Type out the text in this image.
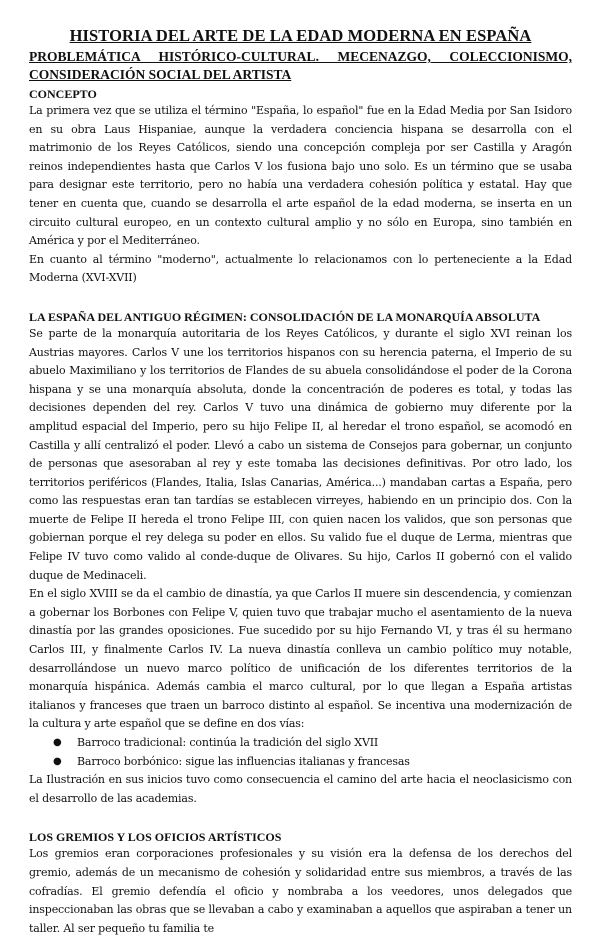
HISTORIA DEL ARTE DE LA EDAD MODERNA EN ESPAÑA
PROBLEMÁTICA HISTÓRICO-CULTURAL. MECENAZGO, COLECCIONISMO, CONSIDERACIÓN SOCIAL DEL ARTISTA
CONCEPTO

La primera vez que se utiliza el término "España, lo español" fue en la Edad Media por San Isidoro en su obra Laus Hispaniae, aunque la verdadera conciencia hispana se desarrolla con el matrimonio de los Reyes Católicos, siendo una concepción compleja por ser Castilla y Aragón reinos independientes hasta que Carlos V los fusiona bajo uno solo. Es un término que se usaba para designar este territorio, pero no había una verdadera cohesión política y estatal. Hay que tener en cuenta que, cuando se desarrolla el arte español de la edad moderna, se inserta en un circuito cultural europeo, en un contexto cultural amplio y no sólo en Europa, sino también en América y por el Mediterráneo.

En cuanto al término "moderno", actualmente lo relacionamos con lo perteneciente a la Edad Moderna (XVI-XVII)

LA ESPAÑA DEL ANTIGUO RÉGIMEN: CONSOLIDACIÓN DE LA MONARQUÍA ABSOLUTA

Se parte de la monarquía autoritaria de los Reyes Católicos, y durante el siglo XVI reinan los Austrias mayores. Carlos V une los territorios hispanos con su herencia paterna, el Imperio de su abuelo Maximiliano y los territorios de Flandes de su abuela consolidándose el poder de la Corona hispana y se una monarquía absoluta, donde la concentración de poderes es total, y todas las decisiones dependen del rey. Carlos V tuvo una dinámica de gobierno muy diferente por la amplitud espacial del Imperio, pero su hijo Felipe II, al heredar el trono español, se acomodó en Castilla y allí centralizó el poder. Llevó a cabo un sistema de Consejos para gobernar, un conjunto de personas que asesoraban al rey y este tomaba las decisiones definitivas. Por otro lado, los territorios periféricos (Flandes, Italia, Islas Canarias, América...) mandaban cartas a España, pero como las respuestas eran tan tardías se establecen virreyes, habiendo en un principio dos. Con la muerte de Felipe II hereda el trono Felipe III, con quien nacen los validos, que son personas que gobiernan porque el rey delega su poder en ellos. Su valido fue el duque de Lerma, mientras que Felipe IV tuvo como valido al conde-duque de Olivares. Su hijo, Carlos II gobernó con el valido duque de Medinaceli.

En el siglo XVIII se da el cambio de dinastía, ya que Carlos II muere sin descendencia, y comienzan a gobernar los Borbones con Felipe V, quien tuvo que trabajar mucho el asentamiento de la nueva dinastía por las grandes oposiciones. Fue sucedido por su hijo Fernando VI, y tras él su hermano Carlos III, y finalmente Carlos IV. La nueva dinastía conlleva un cambio político muy notable, desarrollándose un nuevo marco político de unificación de los diferentes territorios de la monarquía hispánica. Además cambia el marco cultural, por lo que llegan a España artistas italianos y franceses que traen un barroco distinto al español. Se incentiva una modernización de la cultura y arte español que se define en dos vías:

● Barroco tradicional: continúa la tradición del siglo XVII
● Barroco borbónico: sigue las influencias italianas y francesas

La Ilustración en sus inicios tuvo como consecuencia el camino del arte hacia el neoclasicismo con el desarrollo de las academias.

LOS GREMIOS Y LOS OFICIOS ARTÍSTICOS

Los gremios eran corporaciones profesionales y su visión era la defensa de los derechos del gremio, además de un mecanismo de cohesión y solidaridad entre sus miembros, a través de las cofradías. El gremio defendía el oficio y nombraba a los veedores, unos delegados que inspeccionaban las obras que se llevaban a cabo y examinaban a aquellos que aspiraban a tener un taller. Al ser pequeño tu familia te
